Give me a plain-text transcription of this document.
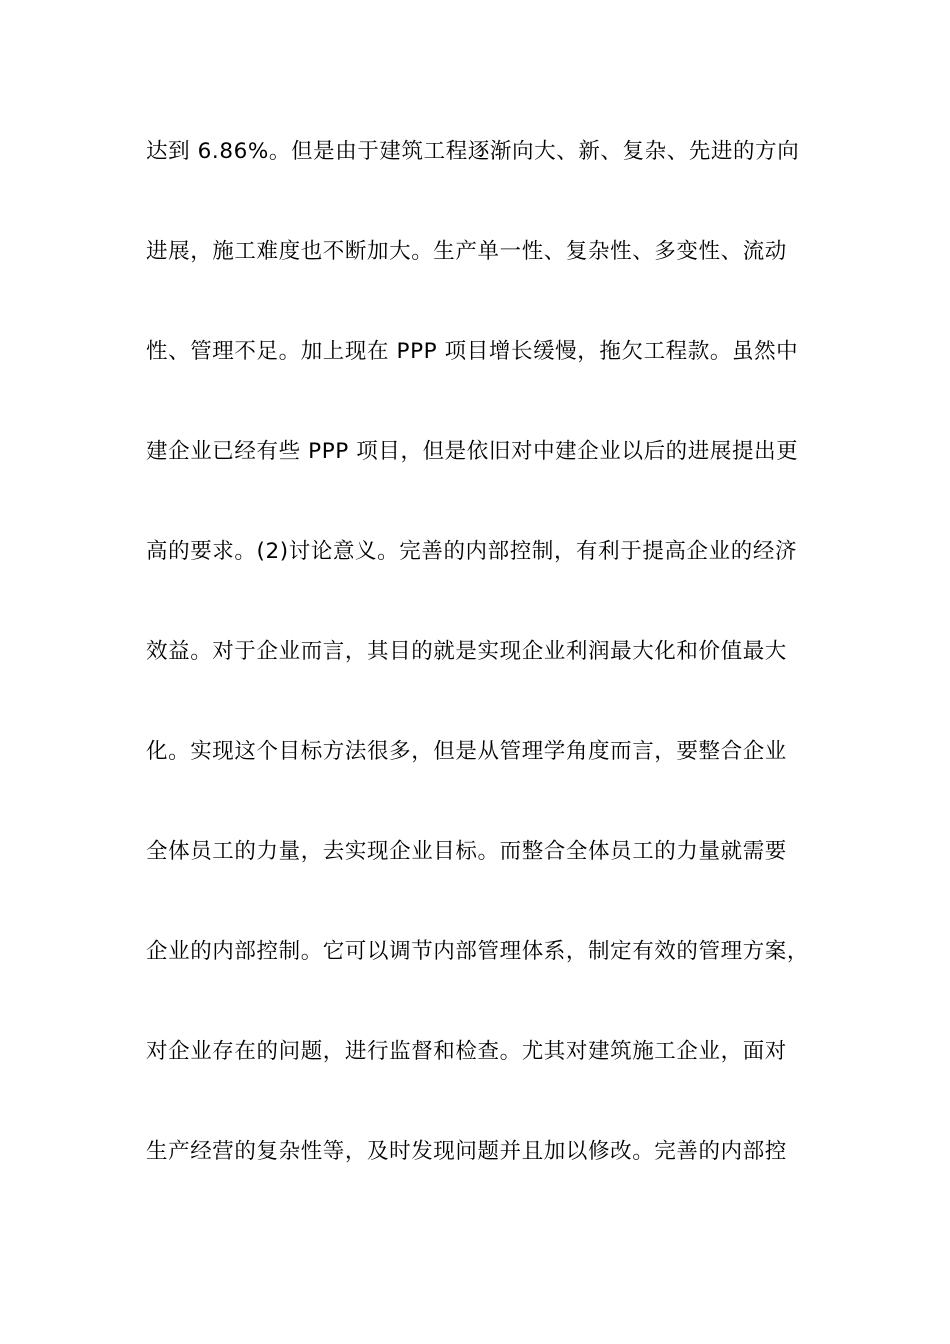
达到 6.86%。但是由于建筑工程逐渐向大、新、复杂、先进的方向
进展，施工难度也不断加大。生产单一性、复杂性、多变性、流动
性、管理不足。加上现在 PPP 项目增长缓慢，拖欠工程款。虽然中
建企业已经有些 PPP 项目，但是依旧对中建企业以后的进展提出更
高的要求。(2)讨论意义。完善的内部控制，有利于提高企业的经济
效益。对于企业而言，其目的就是实现企业利润最大化和价值最大
化。实现这个目标方法很多，但是从管理学角度而言，要整合企业
全体员工的力量，去实现企业目标。而整合全体员工的力量就需要
企业的内部控制。它可以调节内部管理体系，制定有效的管理方案，
对企业存在的问题，进行监督和检查。尤其对建筑施工企业，面对
生产经营的复杂性等，及时发现问题并且加以修改。完善的内部控
